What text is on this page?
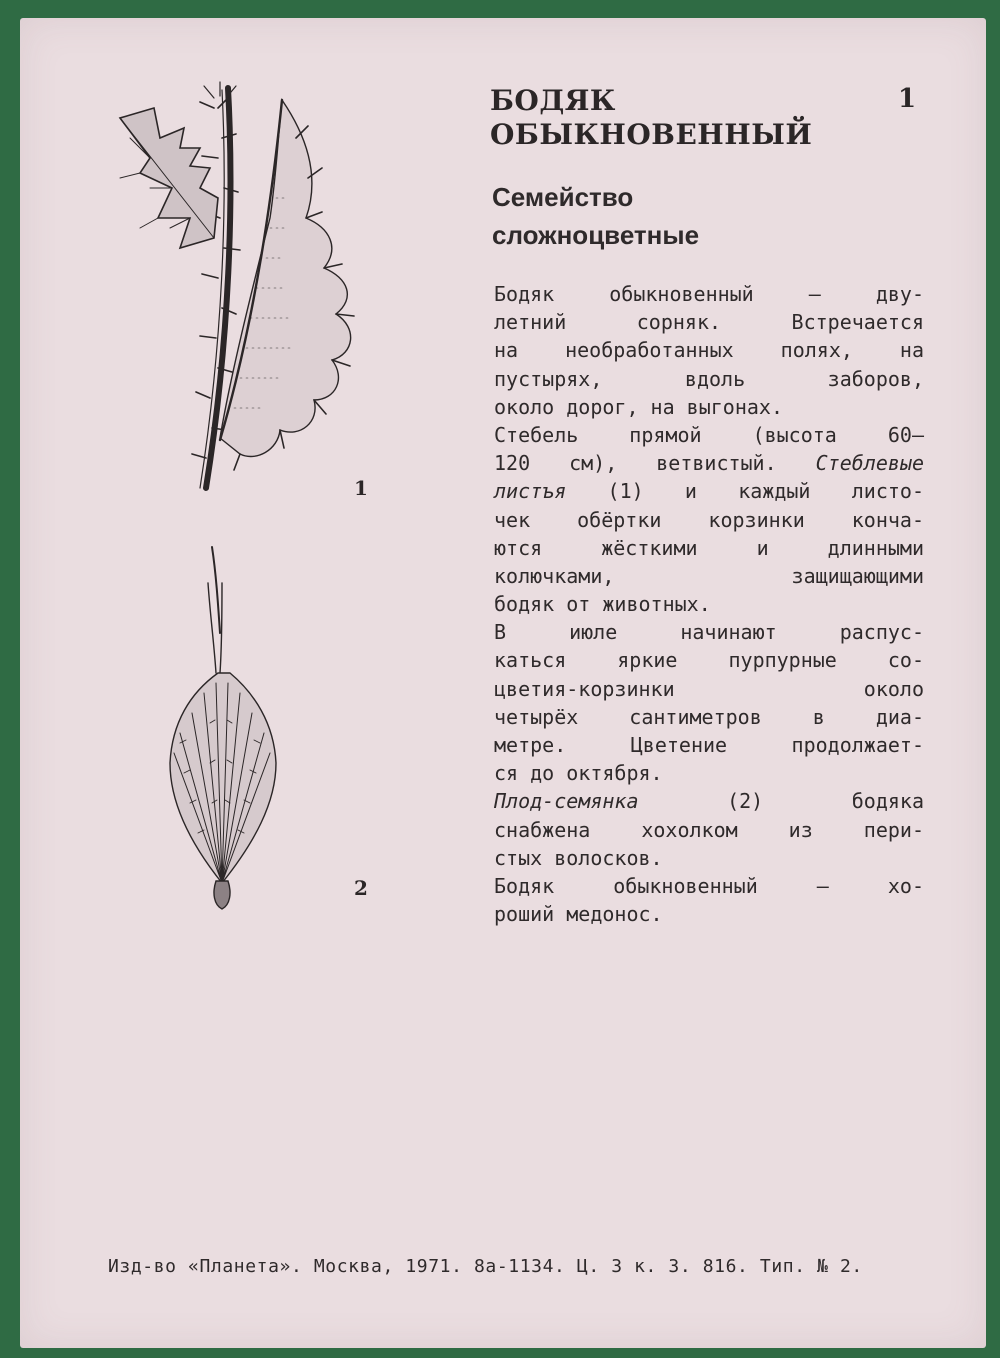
1
2
БОДЯК
ОБЫКНОВЕННЫЙ
1
Семейство
сложноцветные
Бодяк обыкновенный — дву-
летний сорняк. Встречается
на необработанных полях, на
пустырях, вдоль заборов,
около дорог, на выгонах.
Стебель прямой (высота 60—
120 см), ветвистый. Стеблевые
листъя (1) и каждый листо-
чек обёртки корзинки конча-
ются жёсткими и длинными
колючками, защищающими
бодяк от животных.
В июле начинают распус-
каться яркие пурпурные со-
цветия-корзинки около
четырёх сантиметров в диа-
метре. Цветение продолжает-
ся до октября.
Плод-семянка (2) бодяка
снабжена хохолком из пери-
стых волосков.
Бодяк обыкновенный — хо-
роший медонос.
Изд-во «Планета». Москва, 1971. 8а-1134. Ц. 3 к. З. 816. Тип. № 2.
